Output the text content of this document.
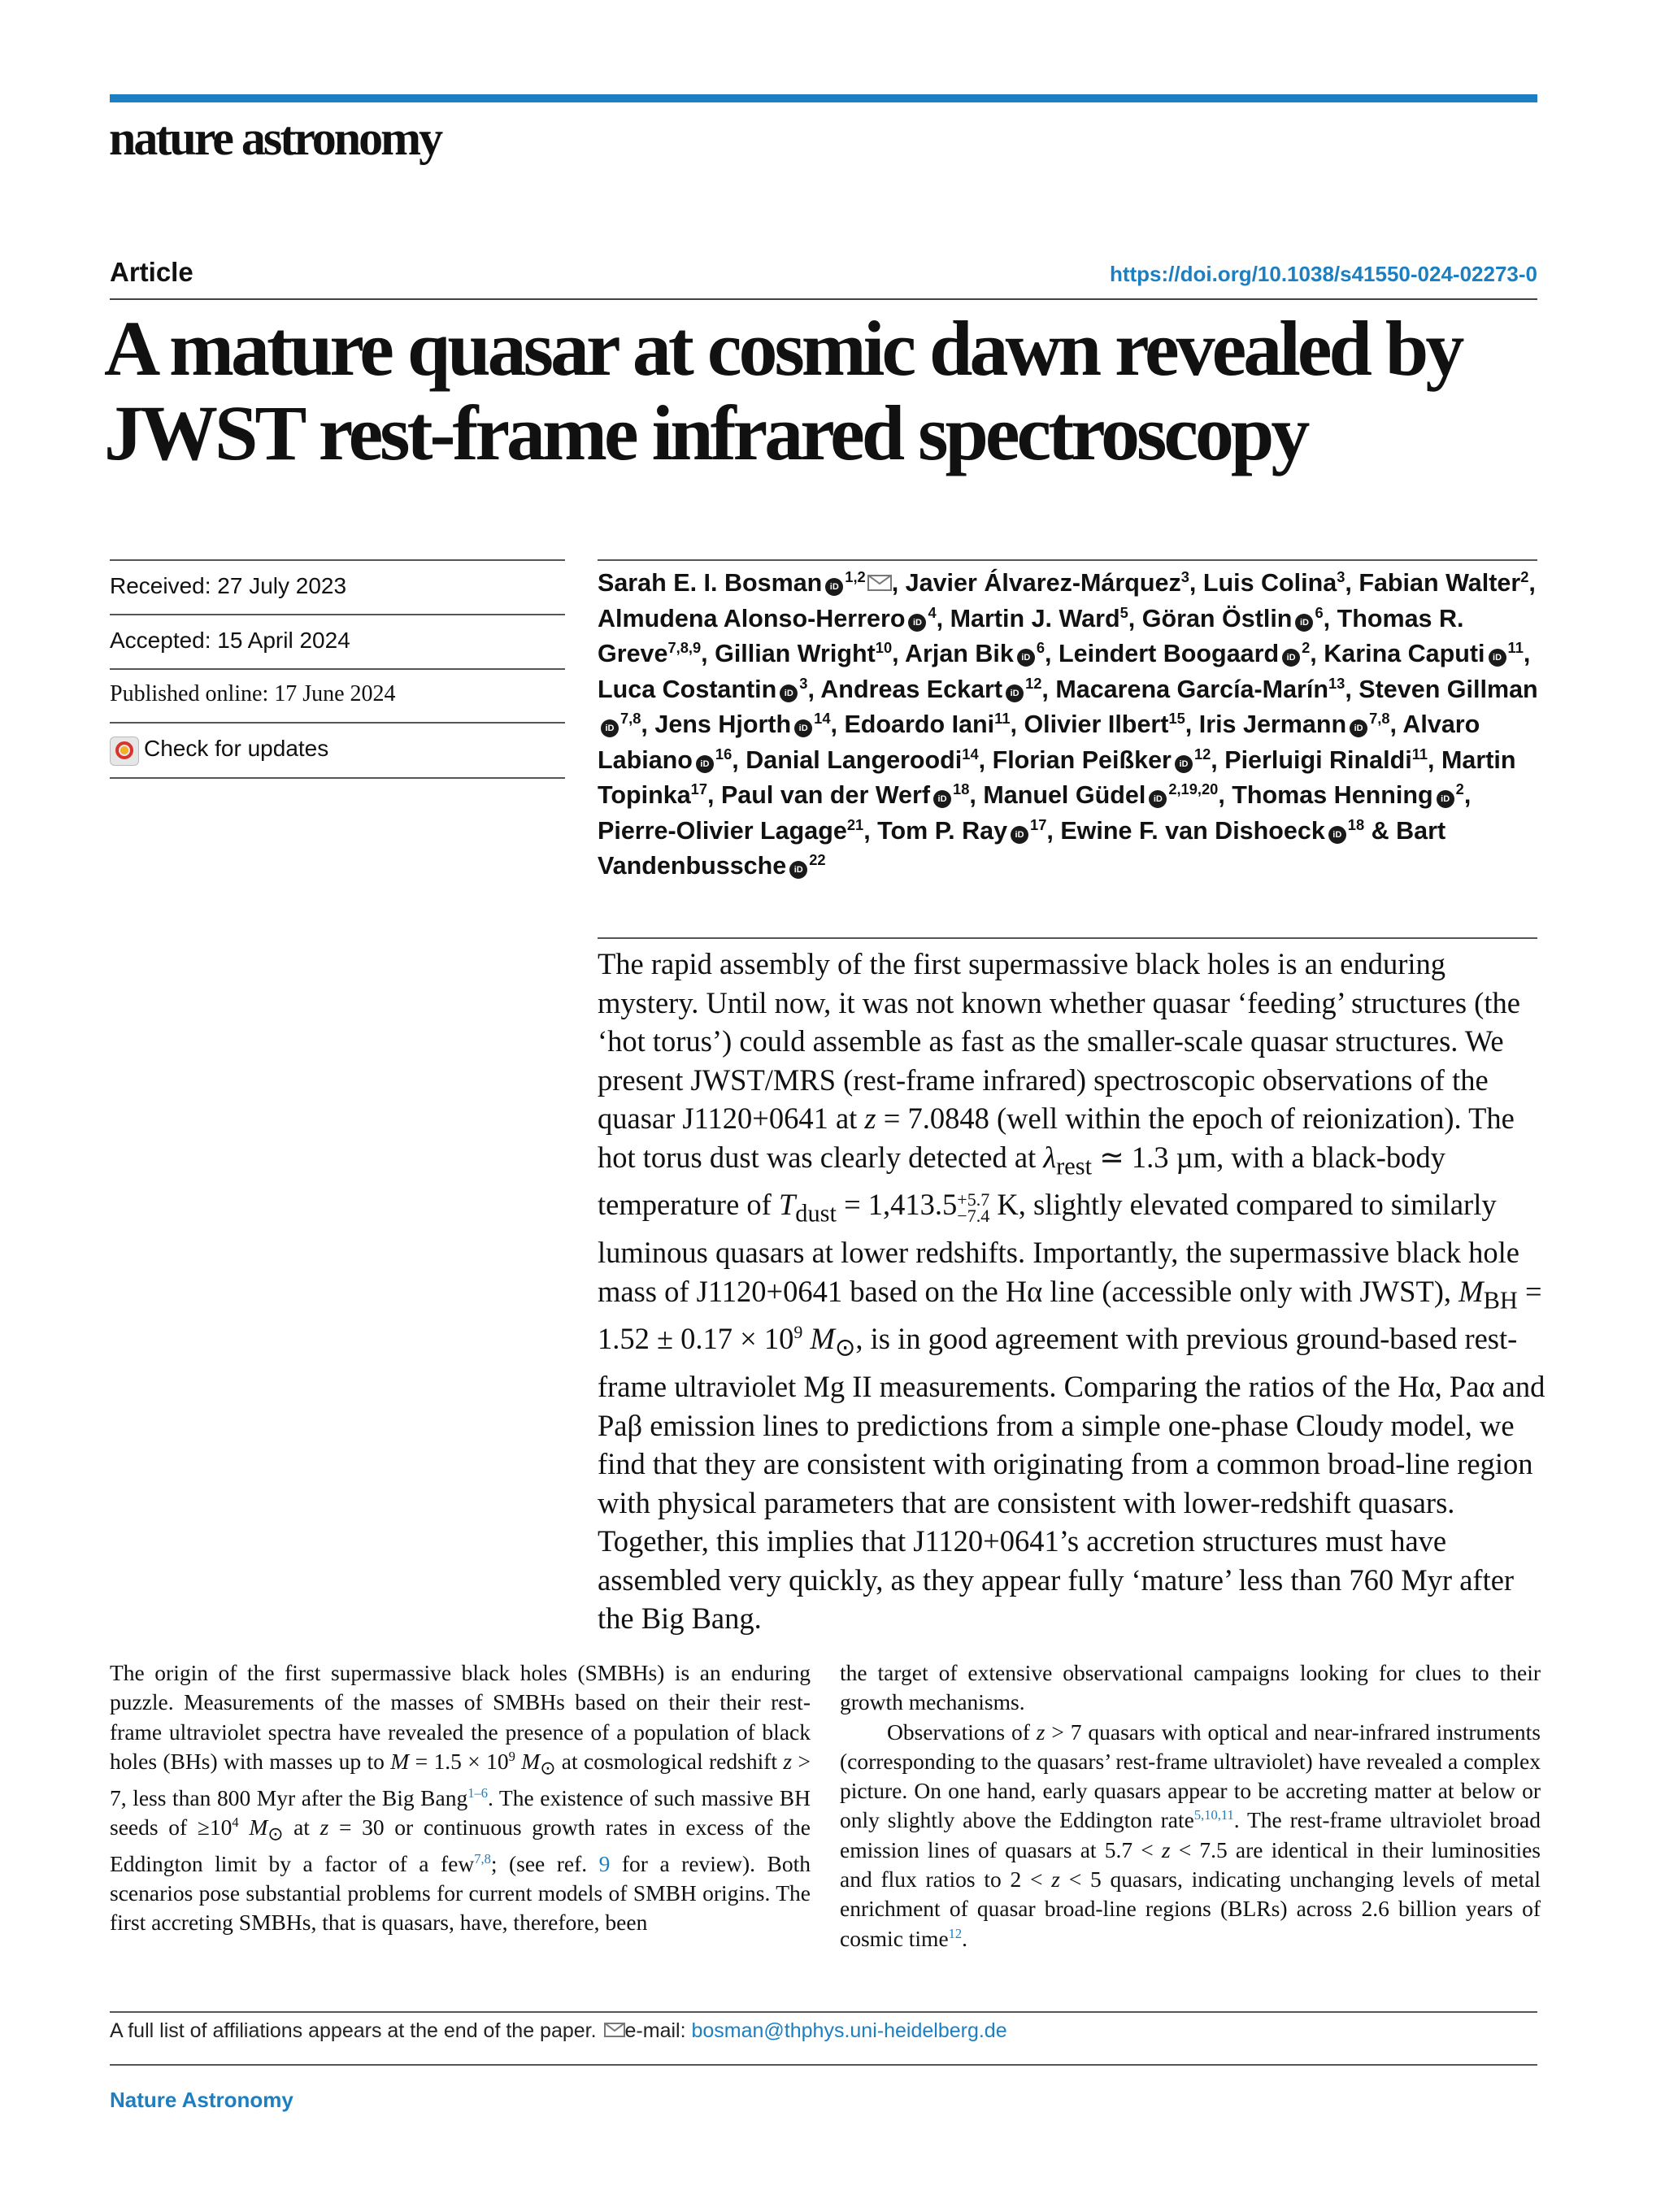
nature astronomy
Article	https://doi.org/10.1038/s41550-024-02273-0
A mature quasar at cosmic dawn revealed by
JWST rest-frame infrared spectroscopy
Received: 27 July 2023
Accepted: 15 April 2024
Published online: 17 June 2024
Check for updates
Sarah E. I. Bosman iD$^{1,2}$ , Javier Álvarez-Márquez$^3$, Luis Colina$^3$, Fabian Walter$^2$, Almudena Alonso-Herrero $iD^4$, Martin J. Ward$^5$, Göran Östlin $iD^6$, Thomas R. Greve$^{7,8,9}$, Gillian Wright$^{10}$, Arjan Bik $iD^6$, Leindert Boogaard $iD^2$, Karina Caputi $iD^{11}$, Luca Costantin $iD^3$, Andreas Eckart $iD^{12}$, Macarena García-Marín$^{13}$, Steven GillmaniD$^{7,8}$, Jens Hjorth $iD^{14}$, Edoardo Iani$^{11}$, Olivier Ilbert$^{15}$, Iris Jermann iD$^{7,8}$, Alvaro Labiano $iD^{16}$, Danial Langeroodi$^{14}$, Florian Peißker $iD^{12}$, Pierluigi Rinaldi$^{11}$, Martin Topinka$^{17}$, Paul van der Werf $iD^{18}$, Manuel Güdel iD$^{2,19,20}$, Thomas Henning $iD^2$, Pierre-Olivier Lagage$^{21}$, Tom P. Ray $iD^{17}$, Ewine F. van Dishoeck $iD^{18}$ & Bart Vandenbussche $iD^{22}$
The rapid assembly of the first supermassive black holes is an enduring mystery. Until now, it was not known whether quasar ‘feeding’ structures (the ‘hot torus’) could assemble as fast as the smaller-scale quasar structures. We present JWST/MRS (rest-frame infrared) spectroscopic observations of the quasar J1120+0641 at z = 7.0848 (well within the epoch of reionization). The hot torus dust was clearly detected at $\lambda_{rest}$ ≃ 1.3 µm, with a black-body temperature of $T_{dust} = 1,413.5 +5.7$
−7.4 K, slightly elevated compared to similarly luminous quasars at lower redshifts. Importantly, the supermassive black hole mass of J1120+0641 based on the Hα line (accessible only with JWST), $M_{BH} = 1.52 \pm 0.17 \times 10^9$ $M_⊙$, is in good agreement with previous ground-based rest-frame ultraviolet Mg II measurements. Comparing the ratios of the Hα, Paα and Paβ emission lines to predictions from a simple one-phase Cloudy model, we find that they are consistent with originating from a common broad-line region with physical parameters that are consistent with lower-redshift quasars. Together, this implies that J1120+0641’s accretion structures must have assembled very quickly, as they appear fully ‘mature’ less than 760 Myr after the Big Bang.

The origin of the first supermassive black holes (SMBHs) is an enduring puzzle. Measurements of the masses of SMBHs based on their their rest-frame ultraviolet spectra have revealed the presence of a population of black holes (BHs) with masses up to $M = 1.5 \times 10^9$ $M_⊙$ at cosmological redshift z > 7, less than 800 Myr after the Big Bang$^{1-6}$. The existence of such massive BH seeds of $\ge 10^4$ $M_⊙$ at z = 30 or continuous growth rates in excess of the Eddington limit by a factor of a few$^{7,8}$; (see ref. 9 for a review). Both scenarios pose substantial problems for current models of SMBH origins. The first accreting SMBHs, that is quasars, have, therefore, been

the target of extensive observational campaigns looking for clues to their growth mechanisms.

Observations of z > 7 quasars with optical and near-infrared instruments (corresponding to the quasars’ rest-frame ultraviolet) have revealed a complex picture. On one hand, early quasars appear to be accreting matter at below or only slightly above the Eddington rate$^{5,10,11}$. The rest-frame ultraviolet broad emission lines of quasars at 5.7 < z < 7.5 are identical in their luminosities and flux ratios to 2 < z < 5 quasars, indicating unchanging levels of metal enrichment of quasar broad-line regions (BLRs) across 2.6 billion years of cosmic time$^{12}$.

A full list of affiliations appears at the end of the paper. e-mail: bosman@thphys.uni-heidelberg.de
Nature Astronomy
